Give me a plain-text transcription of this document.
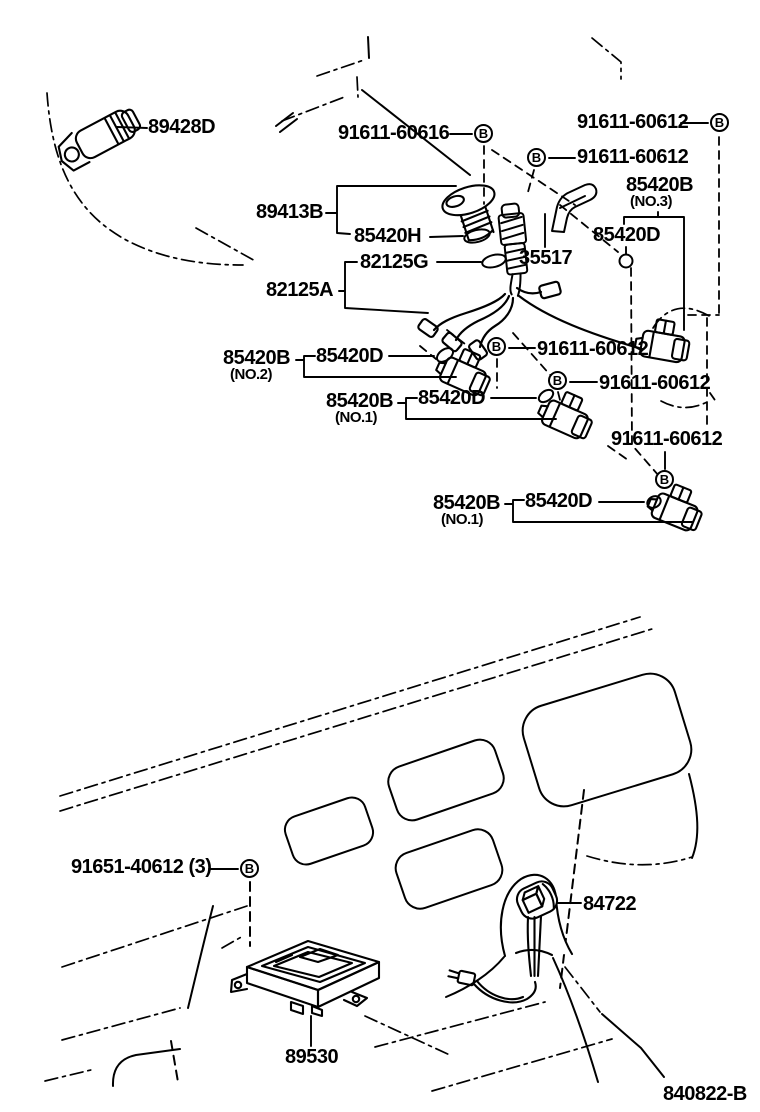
B
B
B
B
B
B
B
89428D	91611-60616	91611-60612
91611-60612
85420B
(NO.3)
89413B
85420H
35517
82125G
82125A
85420D
85420B
(NO.2)
85420D	91611-60612
85420B
(NO.1)
85420D
91611-60612
91611-60612
85420B
(NO.1)
85420D
91651-40612 (3)
84722
89530
840822-B
